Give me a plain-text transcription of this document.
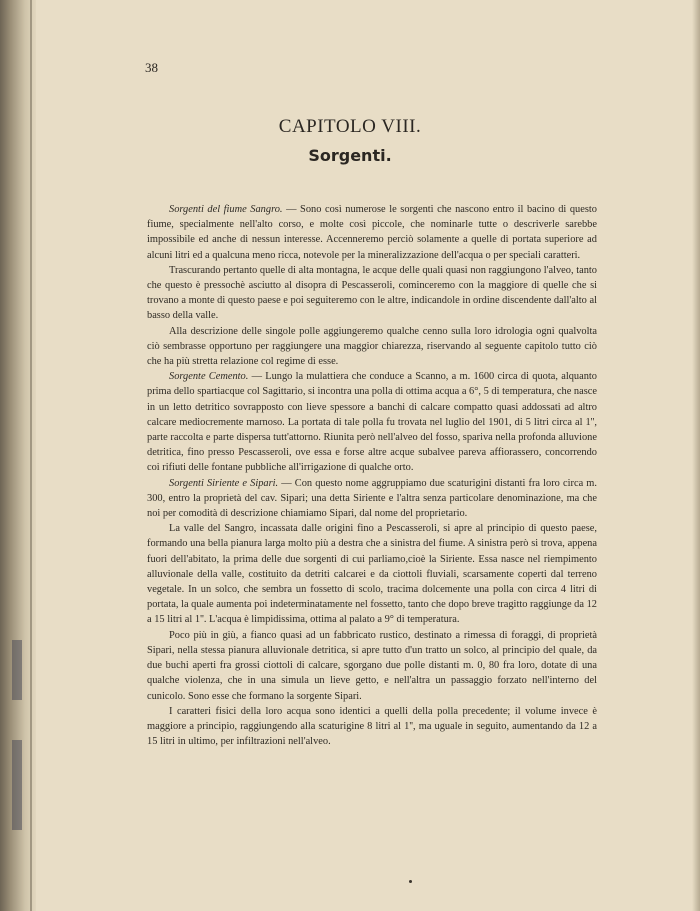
38
CAPITOLO VIII.
Sorgenti.

Sorgenti del fiume Sangro. — Sono così numerose le sorgenti che nascono entro il bacino di questo fiume, specialmente nell'alto corso, e molte così piccole, che nominarle tutte o descriverle sarebbe impossibile ed anche di nessun interesse. Accenneremo perciò solamente a quelle di portata superiore ad alcuni litri ed a qualcuna meno ricca, notevole per la mineralizzazione dell'acqua o per speciali caratteri.

Trascurando pertanto quelle di alta montagna, le acque delle quali quasi non raggiungono l'alveo, tanto che questo è pressochè asciutto al disopra di Pescasseroli, cominceremo con la maggiore di quelle che si trovano a monte di questo paese e poi seguiteremo con le altre, indicandole in ordine discendente dall'alto al basso della valle.

Alla descrizione delle singole polle aggiungeremo qualche cenno sulla loro idrologia ogni qualvolta ciò sembrasse opportuno per raggiungere una maggior chiarezza, riservando al seguente capitolo tutto ciò che ha più stretta relazione col regime di esse.

Sorgente Cemento. — Lungo la mulattiera che conduce a Scanno, a m. 1600 circa di quota, alquanto prima dello spartiacque col Sagittario, si incontra una polla di ottima acqua a 6°, 5 di temperatura, che nasce in un letto detritico sovrapposto con lieve spessore a banchi di calcare compatto quasi addossati ad altro calcare mediocremente marnoso. La portata di tale polla fu trovata nel luglio del 1901, di 5 litri circa al 1'', parte raccolta e parte dispersa tutt'attorno. Riunita però nell'alveo del fosso, spariva nella profonda alluvione detritica, fino presso Pescasseroli, ove essa e forse altre acque subalvee pareva affiorassero, concorrendo coi rifiuti delle fontane pubbliche all'irrigazione di qualche orto.

Sorgenti Siriente e Sipari. — Con questo nome aggruppiamo due scaturigini distanti fra loro circa m. 300, entro la proprietà del cav. Sipari; una detta Siriente e l'altra senza particolare denominazione, ma che noi per comodità di descrizione chiamiamo Sipari, dal nome del proprietario.

La valle del Sangro, incassata dalle origini fino a Pescasseroli, si apre al principio di questo paese, formando una bella pianura larga molto più a destra che a sinistra del fiume. A sinistra però si trova, appena fuori dell'abitato, la prima delle due sorgenti di cui parliamo,cioè la Siriente. Essa nasce nel riempimento alluvionale della valle, costituito da detriti calcarei e da ciottoli fluviali, scarsamente coperti dal terreno vegetale. In un solco, che sembra un fossetto di scolo, tracima dolcemente una polla con circa 4 litri di portata, la quale aumenta poi indeterminatamente nel fossetto, tanto che dopo breve tragitto raggiunge da 12 a 15 litri al 1''. L'acqua è limpidissima, ottima al palato a 9° di temperatura.

Poco più in giù, a fianco quasi ad un fabbricato rustico, destinato a rimessa di foraggi, di proprietà Sipari, nella stessa pianura alluvionale detritica, si apre tutto d'un tratto un solco, al principio del quale, da due buchi aperti fra grossi ciottoli di calcare, sgorgano due polle distanti m. 0, 80 fra loro, dotate di una qualche violenza, che in una simula un lieve getto, e nell'altra un passaggio forzato nell'interno del cunicolo. Sono esse che formano la sorgente Sipari.

I caratteri fisici della loro acqua sono identici a quelli della polla precedente; il volume invece è maggiore a principio, raggiungendo alla scaturigine 8 litri al 1'', ma uguale in seguito, aumentando da 12 a 15 litri in ultimo, per infiltrazioni nell'alveo.
